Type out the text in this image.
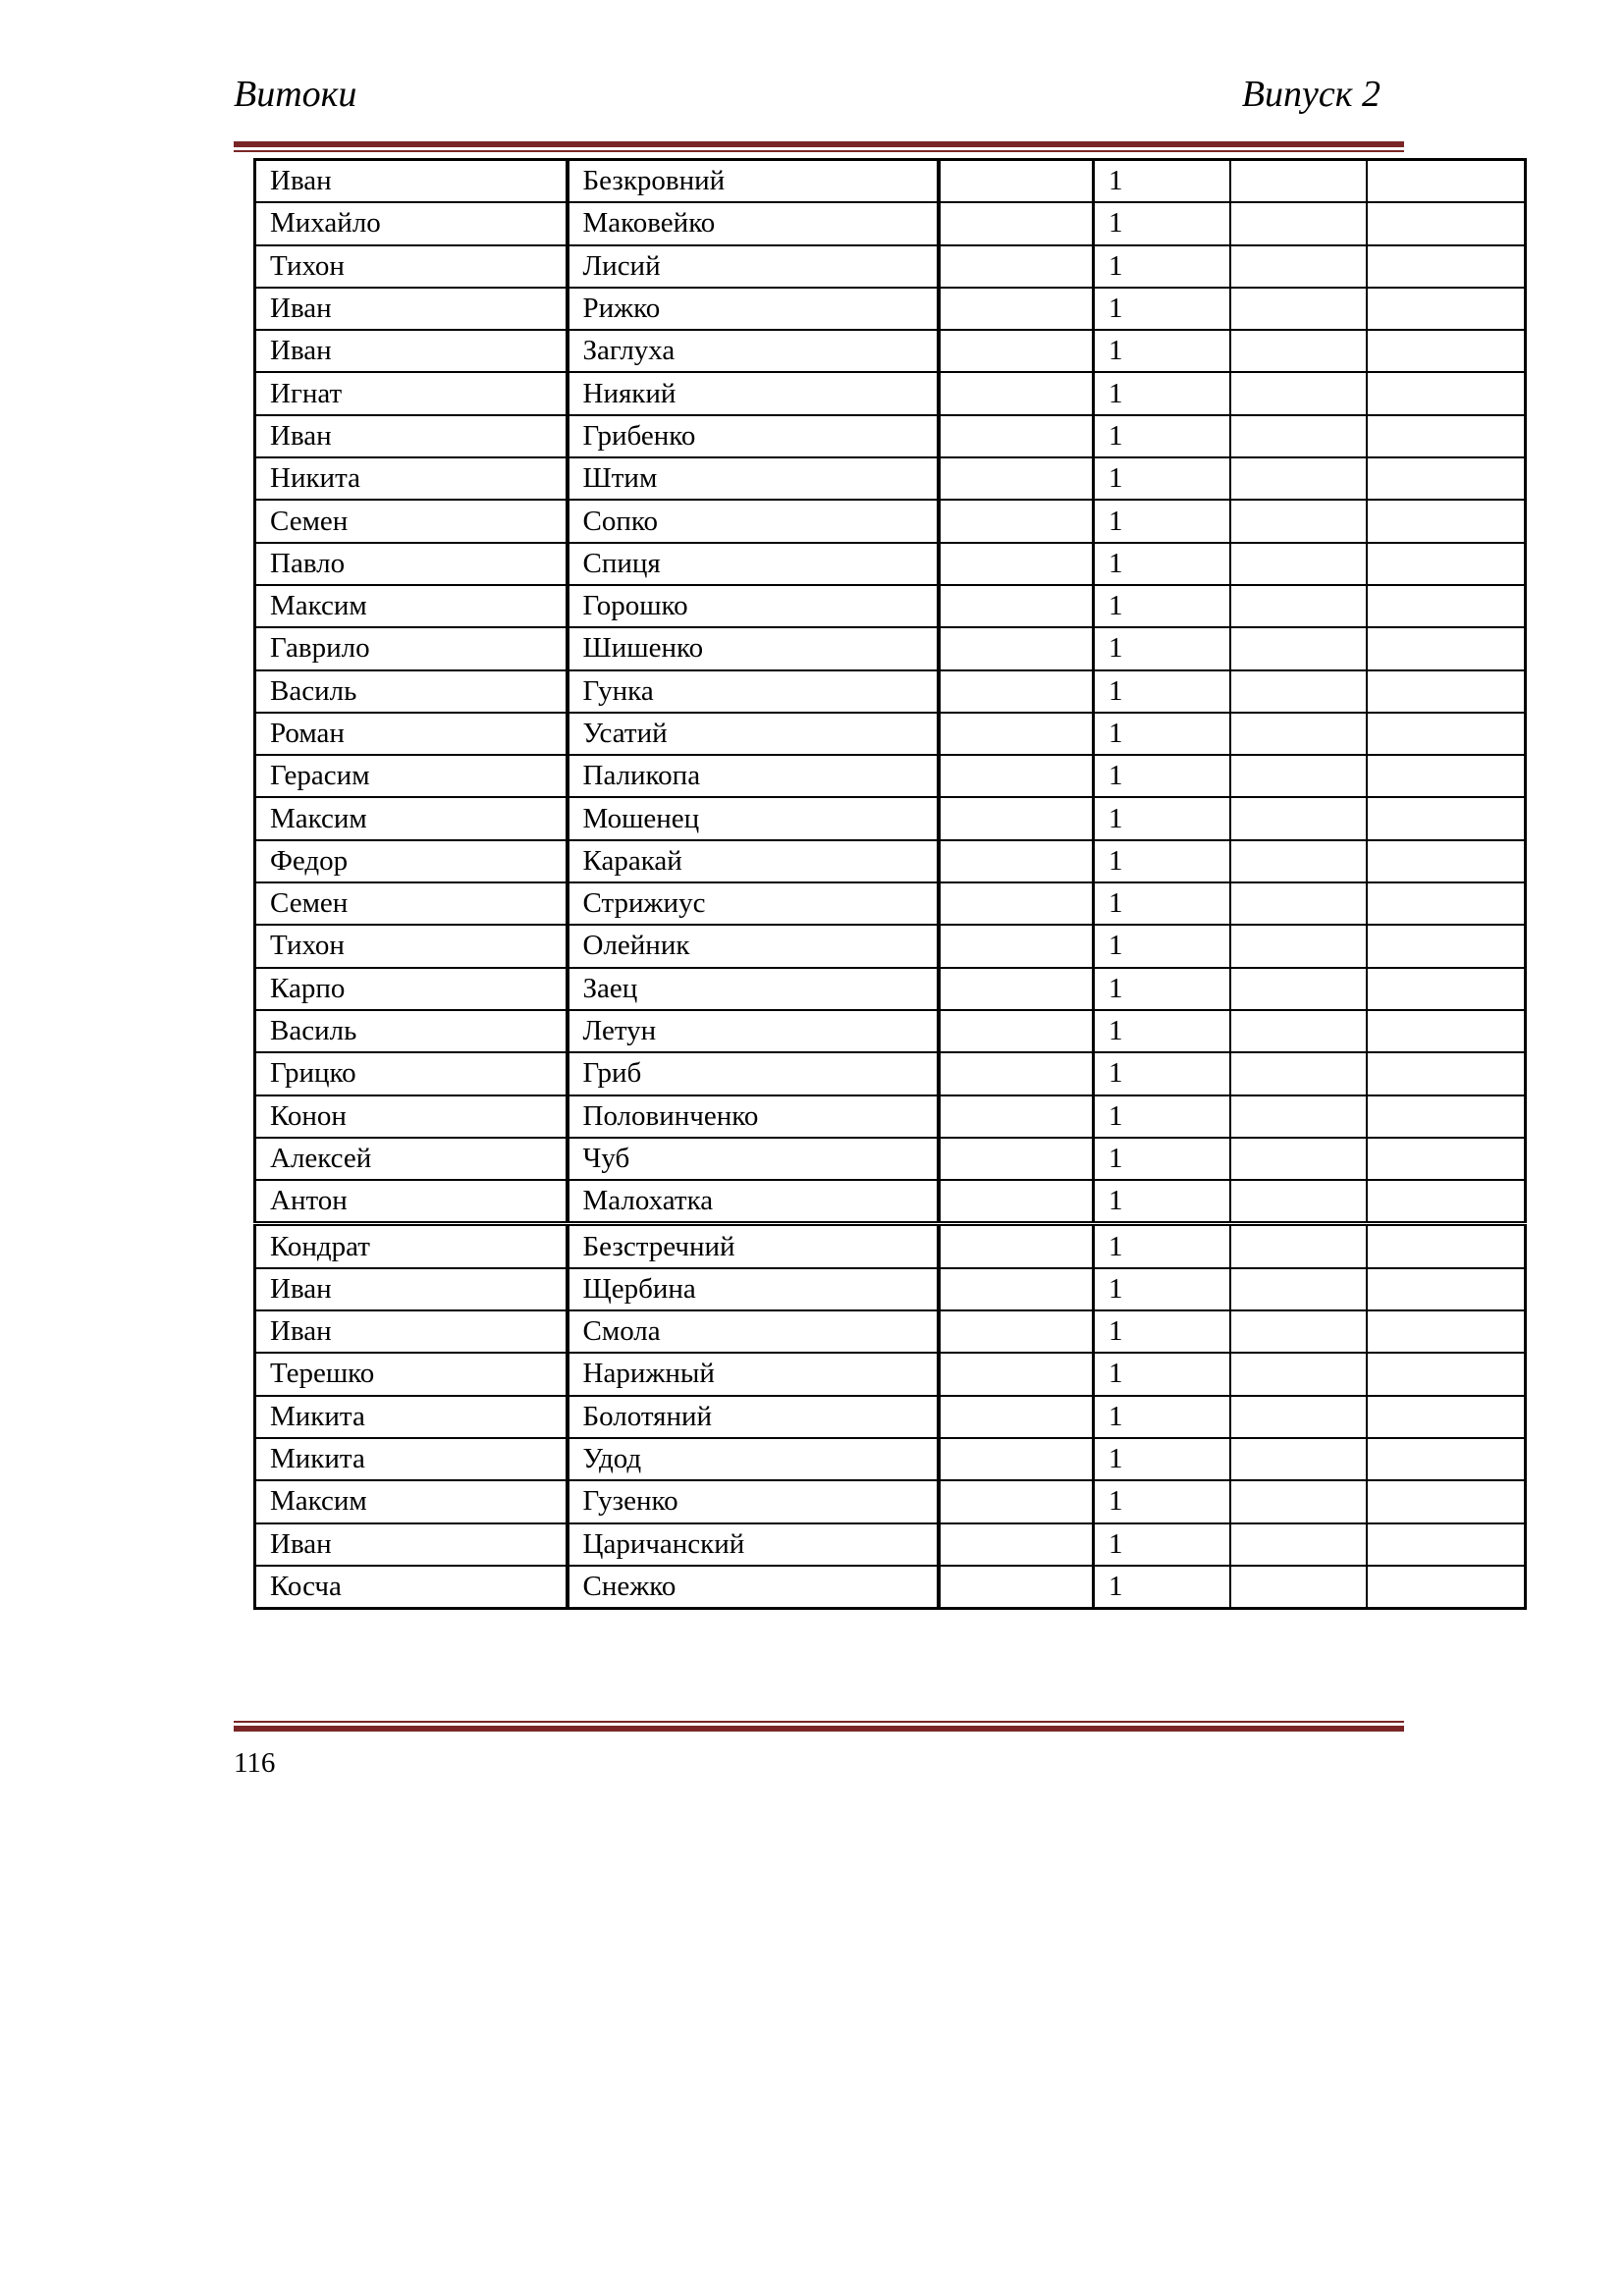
Витоки	Випуск 2
Иван	Безкровний		1		
Михайло	Маковейко		1		
Тихон	Лисий		1		
Иван	Рижко		1		
Иван	Заглуха		1		
Игнат	Ниякий		1		
Иван	Грибенко		1		
Никита	Штим		1		
Семен	Сопко		1		
Павло	Спиця		1		
Максим	Горошко		1		
Гаврило	Шишенко		1		
Василь	Гунка		1		
Роман	Усатий		1		
Герасим	Паликопа		1		
Максим	Мошенец		1		
Федор	Каракай		1		
Семен	Стрижиус		1		
Тихон	Олейник		1		
Карпо	Заец		1		
Василь	Летун		1		
Грицко	Гриб		1		
Конон	Половинченко		1		
Алексей	Чуб		1		
Антон	Малохатка		1		
Кондрат	Безстречний		1		
Иван	Щербина		1		
Иван	Смола		1		
Терешко	Нарижный		1		
Микита	Болотяний		1		
Микита	Удод		1		
Максим	Гузенко		1		
Иван	Царичанский		1		
Косча	Снежко		1		
116
